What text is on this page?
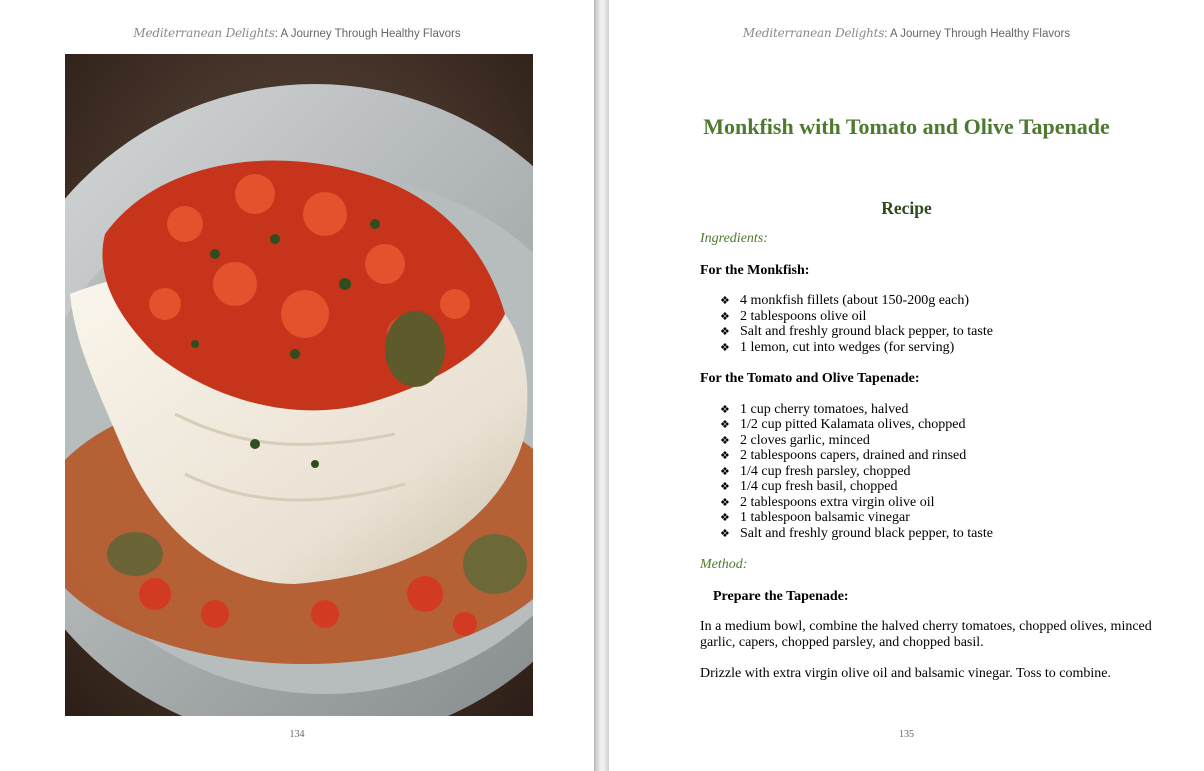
Mediterranean Delights: A Journey Through Healthy Flavors
134
Mediterranean Delights: A Journey Through Healthy Flavors
Monkfish with Tomato and Olive Tapenade
Recipe
Ingredients:
For the Monkfish:
❖ 4 monkfish fillets (about 150-200g each)
❖ 2 tablespoons olive oil
❖ Salt and freshly ground black pepper, to taste
❖ 1 lemon, cut into wedges (for serving)
For the Tomato and Olive Tapenade:
❖ 1 cup cherry tomatoes, halved
❖ 1/2 cup pitted Kalamata olives, chopped
❖ 2 cloves garlic, minced
❖ 2 tablespoons capers, drained and rinsed
❖ 1/4 cup fresh parsley, chopped
❖ 1/4 cup fresh basil, chopped
❖ 2 tablespoons extra virgin olive oil
❖ 1 tablespoon balsamic vinegar
❖ Salt and freshly ground black pepper, to taste
Method:
Prepare the Tapenade:
In a medium bowl, combine the halved cherry tomatoes, chopped olives, minced garlic, capers, chopped parsley, and chopped basil.
Drizzle with extra virgin olive oil and balsamic vinegar. Toss to combine.
135
